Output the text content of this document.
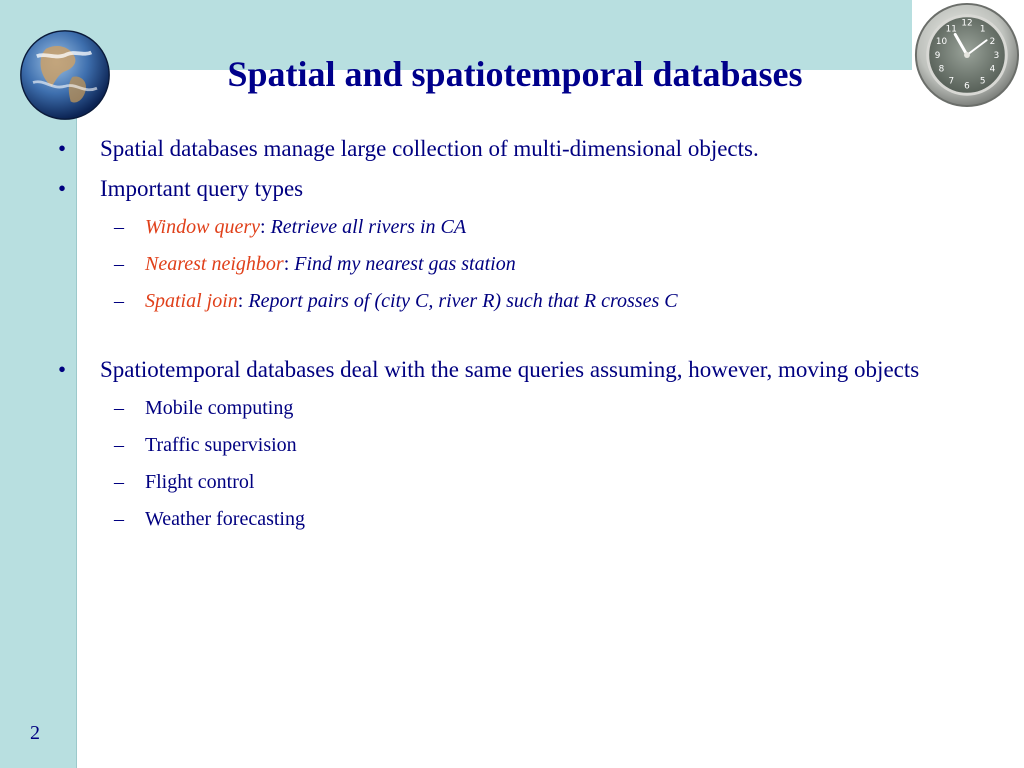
12
1
2
3
4
5
6
7
8
9
10
11
Spatial and spatiotemporal databases
•	Spatial databases manage large collection of multi-dimensional objects.
•	Important query types
– Window query: Retrieve all rivers in CA
– Nearest neighbor: Find my nearest gas station
– Spatial join: Report pairs of (city C, river R) such that R crosses C
•	Spatiotemporal databases deal with the same queries assuming, however, moving objects
– Mobile computing
– Traffic supervision
– Flight control
– Weather forecasting
2
